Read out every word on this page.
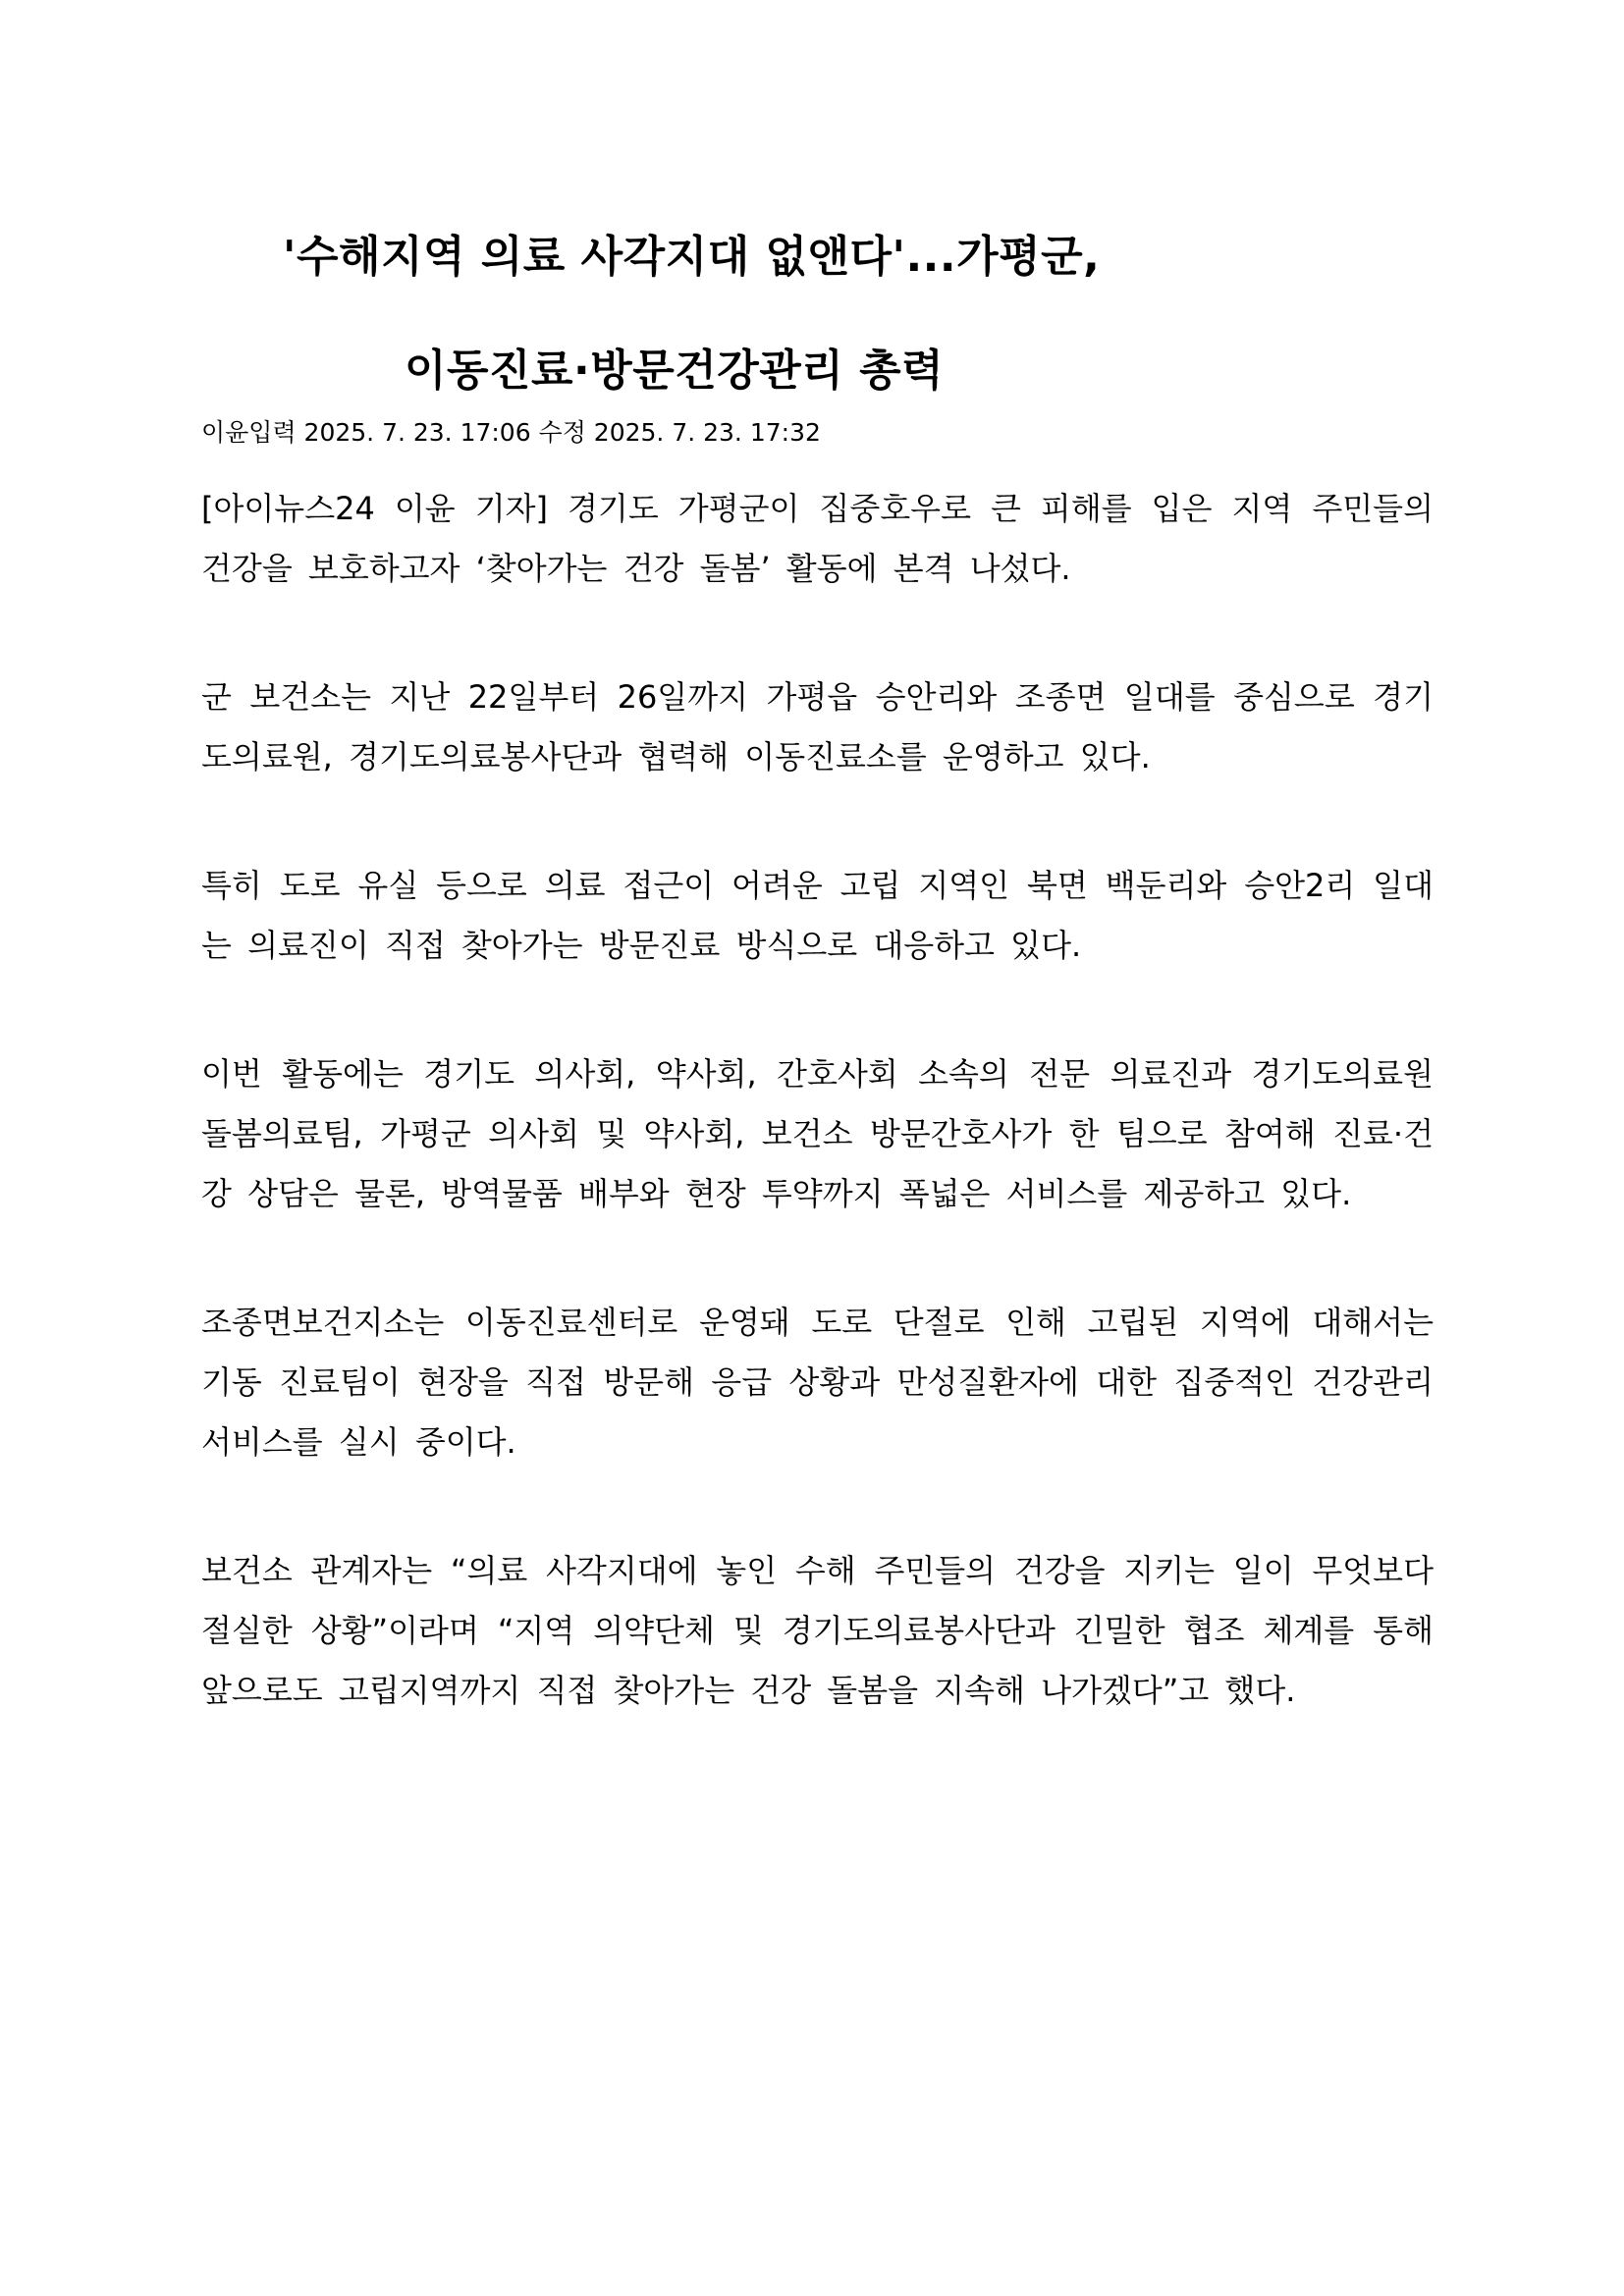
'수해지역 의료 사각지대 없앤다'...가평군,
이동진료·방문건강관리 총력
이윤입력 2025. 7. 23. 17:06 수정 2025. 7. 23. 17:32

[아이뉴스24 이윤 기자] 경기도 가평군이 집중호우로 큰 피해를 입은 지역 주민들의 건강을 보호하고자 ‘찾아가는 건강 돌봄’ 활동에 본격 나섰다.

군 보건소는 지난 22일부터 26일까지 가평읍 승안리와 조종면 일대를 중심으로 경기도의료원, 경기도의료봉사단과 협력해 이동진료소를 운영하고 있다.

특히 도로 유실 등으로 의료 접근이 어려운 고립 지역인 북면 백둔리와 승안2리 일대는 의료진이 직접 찾아가는 방문진료 방식으로 대응하고 있다.

이번 활동에는 경기도 의사회, 약사회, 간호사회 소속의 전문 의료진과 경기도의료원 돌봄의료팀, 가평군 의사회 및 약사회, 보건소 방문간호사가 한 팀으로 참여해 진료·건강 상담은 물론, 방역물품 배부와 현장 투약까지 폭넓은 서비스를 제공하고 있다.

조종면보건지소는 이동진료센터로 운영돼 도로 단절로 인해 고립된 지역에 대해서는 기동 진료팀이 현장을 직접 방문해 응급 상황과 만성질환자에 대한 집중적인 건강관리 서비스를 실시 중이다.

보건소 관계자는 “의료 사각지대에 놓인 수해 주민들의 건강을 지키는 일이 무엇보다 절실한 상황”이라며 “지역 의약단체 및 경기도의료봉사단과 긴밀한 협조 체계를 통해 앞으로도 고립지역까지 직접 찾아가는 건강 돌봄을 지속해 나가겠다”고 했다.
